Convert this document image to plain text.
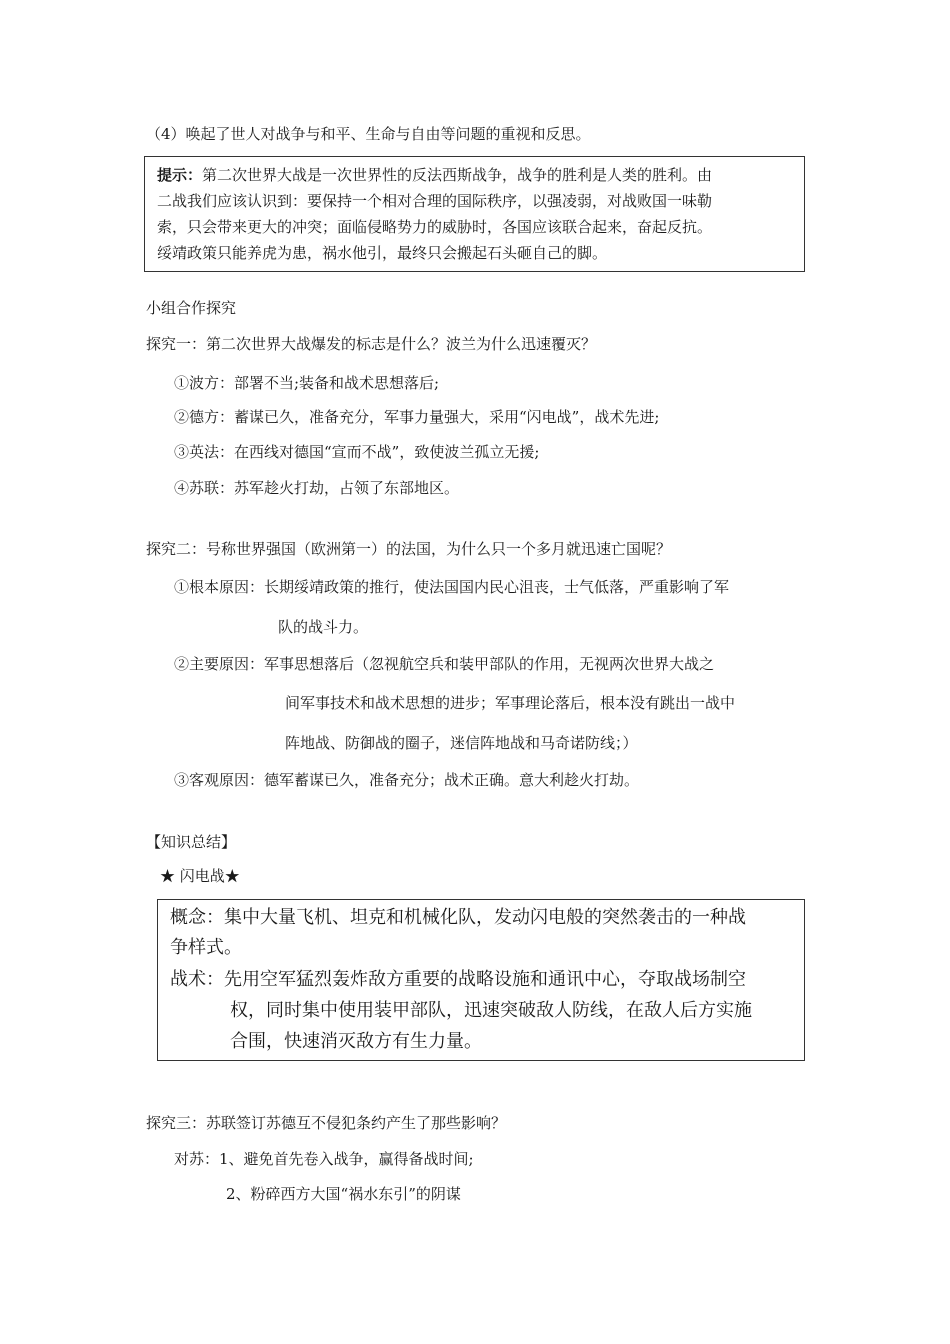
（4）唤起了世人对战争与和平、生命与自由等问题的重视和反思。
提示：第二次世界大战是一次世界性的反法西斯战争，战争的胜利是人类的胜利。由
二战我们应该认识到：要保持一个相对合理的国际秩序，以强凌弱，对战败国一味勒
索，只会带来更大的冲突；面临侵略势力的威胁时，各国应该联合起来，奋起反抗。
绥靖政策只能养虎为患，祸水他引，最终只会搬起石头砸自己的脚。
小组合作探究
探究一：第二次世界大战爆发的标志是什么？波兰为什么迅速覆灭？
①波方：部署不当;装备和战术思想落后;
②德方：蓄谋已久，准备充分，军事力量强大，采用“闪电战”，战术先进;
③英法：在西线对德国“宣而不战”，致使波兰孤立无援;
④苏联：苏军趁火打劫，占领了东部地区。
探究二：号称世界强国（欧洲第一）的法国，为什么只一个多月就迅速亡国呢？
①根本原因：长期绥靖政策的推行，使法国国内民心沮丧，士气低落，严重影响了军
队的战斗力。
②主要原因：军事思想落后（忽视航空兵和装甲部队的作用，无视两次世界大战之
间军事技术和战术思想的进步；军事理论落后，根本没有跳出一战中
阵地战、防御战的圈子，迷信阵地战和马奇诺防线；）
③客观原因：德军蓄谋已久，准备充分；战术正确。意大利趁火打劫。
【知识总结】
★ 闪电战★
概念：集中大量飞机、坦克和机械化队，发动闪电般的突然袭击的一种战
争样式。
战术：先用空军猛烈轰炸敌方重要的战略设施和通讯中心，夺取战场制空
权，同时集中使用装甲部队，迅速突破敌人防线，在敌人后方实施
合围，快速消灭敌方有生力量。
探究三：苏联签订苏德互不侵犯条约产生了那些影响？
对苏：1、避免首先卷入战争，赢得备战时间;
2、粉碎西方大国“祸水东引”的阴谋
